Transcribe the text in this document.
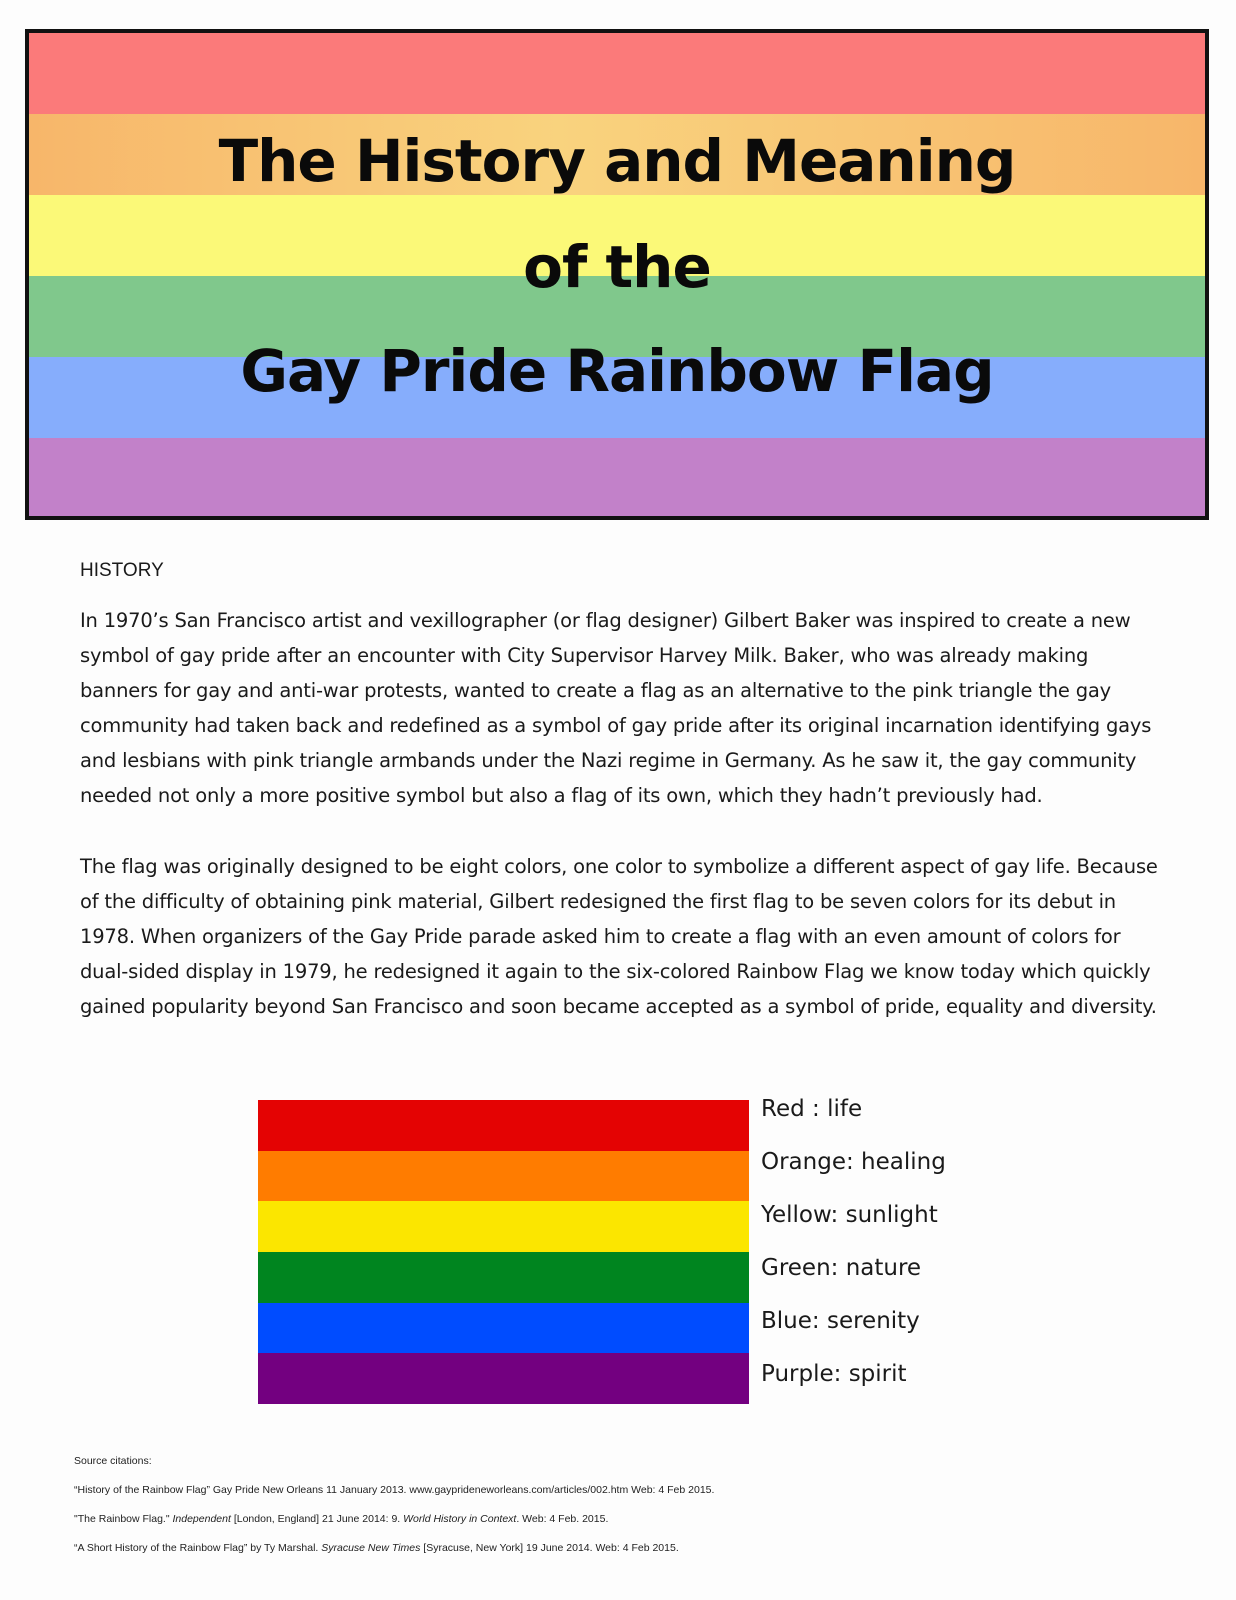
The History and Meaning
of the
Gay Pride Rainbow Flag
HISTORY

In 1970’s San Francisco artist and vexillographer (or flag designer) Gilbert Baker was inspired to create a new symbol of gay pride after an encounter with City Supervisor Harvey Milk. Baker, who was already making banners for gay and anti-war protests, wanted to create a flag as an alternative to the pink triangle the gay community had taken back and redefined as a symbol of gay pride after its original incarnation identifying gays and lesbians with pink triangle armbands under the Nazi regime in Germany. As he saw it, the gay community needed not only a more positive symbol but also a flag of its own, which they hadn’t previously had.

The flag was originally designed to be eight colors, one color to symbolize a different aspect of gay life. Because of the difficulty of obtaining pink material, Gilbert redesigned the first flag to be seven colors for its debut in 1978. When organizers of the Gay Pride parade asked him to create a flag with an even amount of colors for dual-sided display in 1979, he redesigned it again to the six-colored Rainbow Flag we know today which quickly gained popularity beyond San Francisco and soon became accepted as a symbol of pride, equality and diversity.

Red : life
Orange: healing
Yellow: sunlight
Green: nature
Blue: serenity
Purple: spirit
Source citations:
“History of the Rainbow Flag” Gay Pride New Orleans 11 January 2013. www.gayprideneworleans.com/articles/002.htm Web: 4 Feb 2015.
"The Rainbow Flag." Independent [London, England] 21 June 2014: 9. World History in Context. Web: 4 Feb. 2015.
“A Short History of the Rainbow Flag” by Ty Marshal. Syracuse New Times [Syracuse, New York] 19 June 2014. Web: 4 Feb 2015.
